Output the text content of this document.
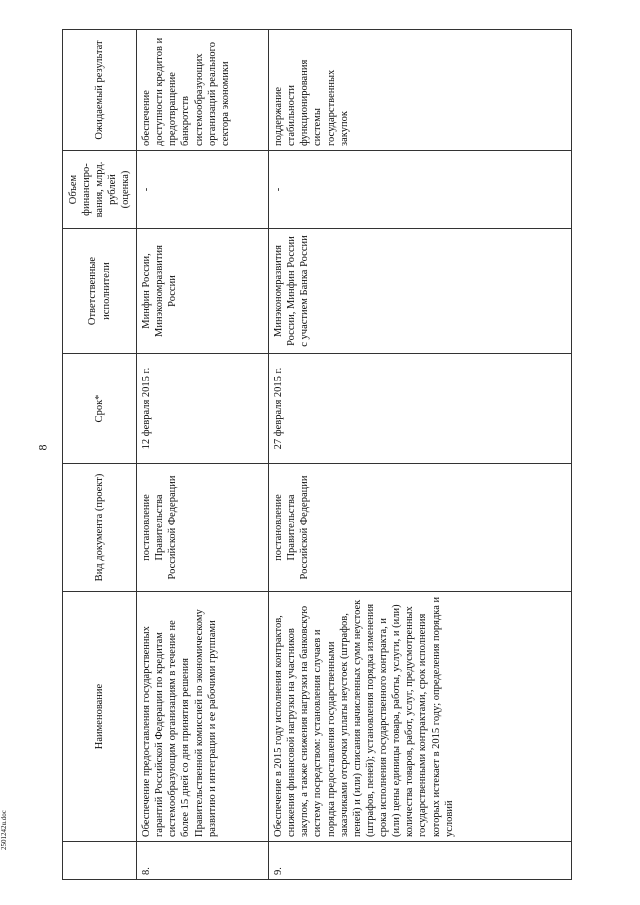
8
2501242u.doc
	Наименование	Вид документа (проект)	Срок*	Ответственные исполнители	Объем финансиро-вания, млрд. рублей (оценка)	Ожидаемый результат
8.	Обеспечение предоставления государственных гарантий Российской Федерации по кредитам системообразующим организациям в течение не более 15 дней со дня принятия решения Правительственной комиссией по экономическому развитию и интеграции и ее рабочими группами	постановление Правительства Российской Федерации	12 февраля 2015 г.	Минфин России, Минэкономразвития России	-	обеспечение доступности кредитов и предотвращение банкротств системообразующих организаций реального сектора экономики
9.	Обеспечение в 2015 году исполнения контрактов, снижения финансовой нагрузки на участников закупок, а также снижения нагрузки на банковскую систему посредством: установления случаев и порядка предоставления государственными заказчиками отсрочки уплаты неустоек (штрафов, пеней) и (или) списания начисленных сумм неустоек (штрафов, пеней); установления порядка изменения срока исполнения государственного контракта, и (или) цены единицы товара, работы, услуги, и (или) количества товаров, работ, услуг, предусмотренных государственными контрактами, срок исполнения которых истекает в 2015 году; определения порядка и условий	постановление Правительства Российской Федерации	27 февраля 2015 г.	Минэкономразвития России, Минфин России с участием Банка России	-	поддержание стабильности функционирования системы государственных закупок
